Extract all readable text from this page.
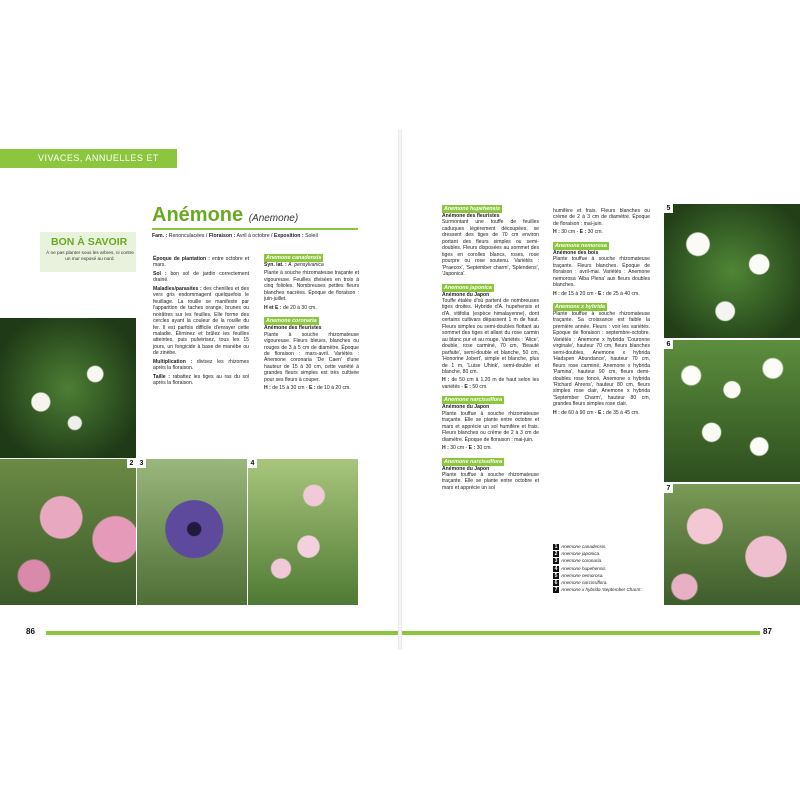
VIVACES, ANNUELLES ET BULBES
Anémone (Anemone)
Fam. : Renonculacées / Floraison : Avril à octobre / Exposition : Soleil
BON À SAVOIR

À ne pas planter sous les arbres, ni contre un mur exposé au nord.	Époque de plantation : entre octobre et mars.

Sol : bon sol de jardin correctement drainé.

Maladies/parasites : des chenilles et des vers gris endommagent quelquefois le feuillage. La rouille se manifeste par l'apparition de taches orange, brunes ou noirâtres sur les feuilles. Elle forme des cercles ayant la couleur de la rouille du fer. Il est parfois difficile d'enrayer cette maladie. Éliminez et brûlez les feuilles atteintes, puis pulvérisez, tous les 15 jours, un fongicide à base de manèbe ou de zinèbe.

Multiplication : divisez les rhizomes après la floraison.

Taille : rabattez les tiges au ras du sol après la floraison.

Anemone canadensis

Syn. lat. : A. pensylvanica

Plante à souche rhizomateuse traçante et vigoureuse. Feuilles divisées en trois à cinq folioles. Nombreuses petites fleurs blanches nacrées. Époque de floraison : juin-juillet.

H et E : de 20 à 30 cm.

Anemone coronaria
Anémone des fleuristes

Plante à souche rhizomateuse vigoureuse. Fleurs bleues, blanches ou rouges de 3 à 5 cm de diamètre. Époque de floraison : mars-avril. Variétés : Anemone coronaria 'De Caen' d'une hauteur de 15 à 30 cm, cette variété à grandes fleurs simples est très cultivée pour ses fleurs à couper.

H : de 15 à 30 cm - E : de 10 à 20 cm.

2 3	4
Anemone hupehensis
Anémone des fleuristes

Surmontant une touffe de feuilles caduques légèrement découpées, se dressent des tiges de 70 cm environ portant des fleurs simples ou semi-doubles. Fleurs disposées au sommet des tiges en corolles blancs, roses, rose pourpre ou rose soutenu. Variétés : 'Praecox', 'September charm', 'Splendens', 'Japonica'.

Anemone japonica
Anémone du Japon

Touffe étalée d'où partent de nombreuses tiges droites. Hybride d'A. hupehensis et d'A. vitifolia (espèce himalayenne), dont certains cultivars dépassent 1 m de haut. Fleurs simples ou semi-doubles flottant au sommet des tiges et allant du rose carmin au blanc pur et au rouge. Variétés : 'Alice', double, rose carminé, 70 cm, 'Beauté parfaite', semi-double et blanche, 50 cm, 'Honorine Jobert', simple et blanche, plus de 1 m, 'Luise Uhink', semi-double et blanche, 80 cm.

H : de 50 cm à 1,20 m de haut selon les variétés - E : 50 cm.

Anemone narcissiflora
Anémone du Japon

Plante touffue à souche rhizomateuse traçante. Elle se plante entre octobre et mars et apprécie un sol humifère et frais. Fleurs blanches ou crème de 2 à 3 cm de diamètre. Époque de floraison : mai-juin.

H : 30 cm - E : 30 cm.

Anemone narcissiflora
Anémone du Japon

Plante touffue à souche rhizomateuse traçante. Elle se plante entre octobre et mars et apprécie un sol

humifère et frais. Fleurs blanches ou crème de 2 à 3 cm de diamètre. Époque de floraison : mai-juin.

H : 30 cm - E : 30 cm.

Anemone nemorosa
Anémone des bois

Plante touffue à souche rhizomateuse traçante. Fleurs blanches. Époque de floraison : avril-mai. Variétés : Anemone nemorosa 'Alba Plena' aux fleurs doubles blanches.

H : de 15 à 20 cm - E : de 25 à 40 cm.

Anemone x hybrida

Plante touffue à souche rhizomateuse traçante. Sa croissance est faible la première année. Fleurs : voir les variétés. Époque de floraison : septembre-octobre. Variétés : Anemone x hybrida 'Couronne virginale', hauteur 70 cm, fleurs blanches semi-doubles, Anemone x hybrida 'Hadspen Abundance', hauteur 70 cm, fleurs rose carminé, Anemone x hybrida 'Pamina', hauteur 90 cm, fleurs demi-doubles rose foncé, Anemone x hybrida 'Richard Ahrens', hauteur 80 cm, fleurs simples rose clair, Anemone x hybrida 'September Charm', hauteur 80 cm, grandes fleurs simples rose clair.

H : de 60 à 90 cm - E : de 35 à 45 cm.

1 Anemone canadensis.
2 Anemone japonica.
3 Anemone coronaria.
4 Anemone hupehensis.
5 Anemone nemorosa.
6 Anemone narcissiflora.
7 Anemone x hybrida 'September Charm'.
5
6
7
86	87
